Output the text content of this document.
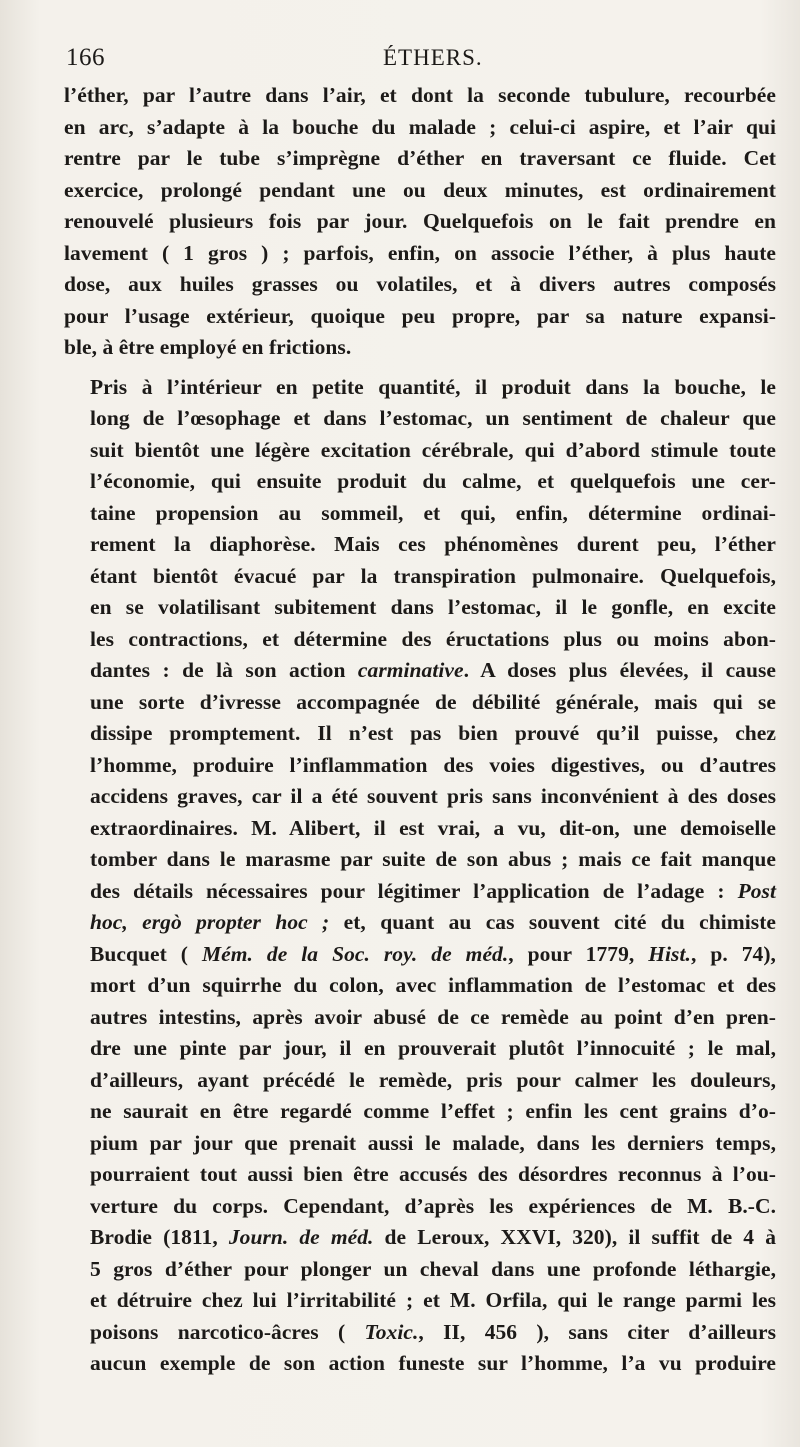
166	ÉTHERS.

l’éther, par l’autre dans l’air, et dont la seconde tubulure, recourbée
en arc, s’adapte à la bouche du malade ; celui-ci aspire, et l’air qui
rentre par le tube s’imprègne d’éther en traversant ce fluide. Cet
exercice, prolongé pendant une ou deux minutes, est ordinairement
renouvelé plusieurs fois par jour. Quelquefois on le fait prendre en
lavement ( 1 gros ) ; parfois, enfin, on associe l’éther, à plus haute
dose, aux huiles grasses ou volatiles, et à divers autres composés
pour l’usage extérieur, quoique peu propre, par sa nature expansi-
ble, à être employé en frictions.

Pris à l’intérieur en petite quantité, il produit dans la bouche, le
long de l’œsophage et dans l’estomac, un sentiment de chaleur que
suit bientôt une légère excitation cérébrale, qui d’abord stimule toute
l’économie, qui ensuite produit du calme, et quelquefois une cer-
taine propension au sommeil, et qui, enfin, détermine ordinai-
rement la diaphorèse. Mais ces phénomènes durent peu, l’éther
étant bientôt évacué par la transpiration pulmonaire. Quelquefois,
en se volatilisant subitement dans l’estomac, il le gonfle, en excite
les contractions, et détermine des éructations plus ou moins abon-
dantes : de là son action carminative. A doses plus élevées, il cause
une sorte d’ivresse accompagnée de débilité générale, mais qui se
dissipe promptement. Il n’est pas bien prouvé qu’il puisse, chez
l’homme, produire l’inflammation des voies digestives, ou d’autres
accidens graves, car il a été souvent pris sans inconvénient à des doses
extraordinaires. M. Alibert, il est vrai, a vu, dit-on, une demoiselle
tomber dans le marasme par suite de son abus ; mais ce fait manque
des détails nécessaires pour légitimer l’application de l’adage : Post
hoc, ergò propter hoc ; et, quant au cas souvent cité du chimiste
Bucquet ( Mém. de la Soc. roy. de méd., pour 1779, Hist., p. 74),
mort d’un squirrhe du colon, avec inflammation de l’estomac et des
autres intestins, après avoir abusé de ce remède au point d’en pren-
dre une pinte par jour, il en prouverait plutôt l’innocuité ; le mal,
d’ailleurs, ayant précédé le remède, pris pour calmer les douleurs,
ne saurait en être regardé comme l’effet ; enfin les cent grains d’o-
pium par jour que prenait aussi le malade, dans les derniers temps,
pourraient tout aussi bien être accusés des désordres reconnus à l’ou-
verture du corps. Cependant, d’après les expériences de M. B.-C.
Brodie (1811, Journ. de méd. de Leroux, XXVI, 320), il suffit de 4 à
5 gros d’éther pour plonger un cheval dans une profonde léthargie,
et détruire chez lui l’irritabilité ; et M. Orfila, qui le range parmi les
poisons narcotico-âcres ( Toxic., II, 456 ), sans citer d’ailleurs
aucun exemple de son action funeste sur l’homme, l’a vu produire
